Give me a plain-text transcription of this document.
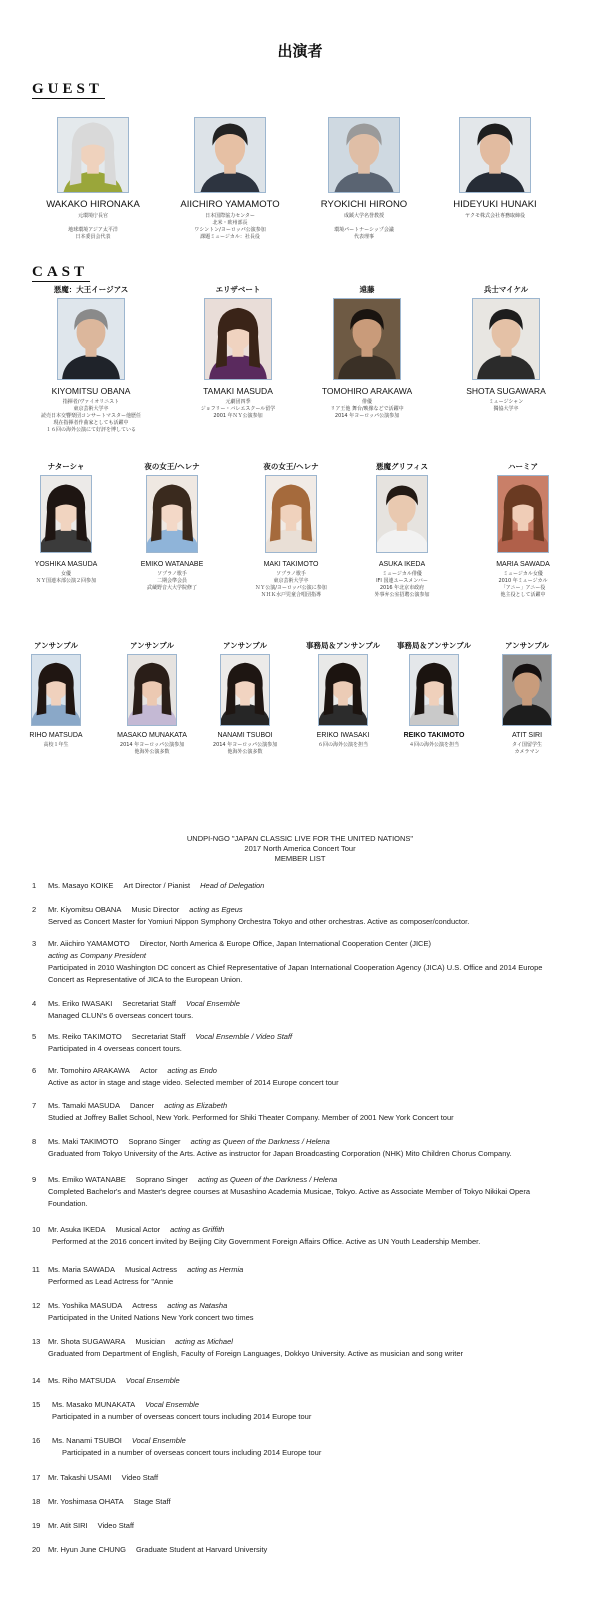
出演者
GUEST
CAST
WAKAKO HIRONAKA
元環境庁長官
地球環境アジア太平洋
日本委員会代表
AIICHIRO YAMAMOTO
日本国際協力センター
北米・欧州部長
ワシントン/ヨーロッパ公演参加
課題ミュージカル：社長役
RYOKICHI HIRONO
成蹊大学名誉教授
環境パートナーシップ会議
代表理事
HIDEYUKI HUNAKI
ヤクモ株式会社専務取締役
悪魔：大王イージアス
KIYOMITSU OBANA
指揮者/ヴァイオリニスト
東京芸術大学卒
読売日本交響楽団コンサートマスター他歴任
現在指揮者作曲家としても活躍中
１６回の海外公演にて好評を博している
エリザベート
TAMAKI MASUDA
元劇団四季
ジョフリー・バレエスクール留学
2001 年ＮＹ公演参加
遠藤
TOMOHIRO ARAKAWA
俳優
リア王他 舞台/映像などで活躍中
2014 年ヨーロッパ公演参加
兵士マイケル
SHOTA SUGAWARA
ミュージシャン
獨協大学卒
ナターシャ
YOSHIKA MASUDA
女優
ＮＹ国連本部公演２回参加
夜の女王/ヘレナ
EMIKO WATANABE
ソプラノ歌手
二期会準会員
武蔵野音大大学院修了
夜の女王/ヘレナ
MAKI TAKIMOTO
ソプラノ歌手
東京芸術大学卒
ＮＹ公演/ヨーロッパ公演に参加
ＮＨＫ水戸児童合唱団指導
悪魔グリフィス
ASUKA IKEDA
ミュージカル俳優
IFI 国連ユースメンバー
2016 年北京市政府
外事弁公室招聘公演参加
ハーミア
MARIA SAWADA
ミュージカル女優
2010 年ミュージカル
「アニー」アニー役
他主役として活躍中
アンサンブル
RIHO MATSUDA
高校１年生
アンサンブル
MASAKO MUNAKATA
2014 年ヨーロッパ公演参加
他海外公演多数
アンサンブル
NANAMI TSUBOI
2014 年ヨーロッパ公演参加
他海外公演多数
事務局＆アンサンブル
ERIKO IWASAKI
６回の海外公演を担当
事務局＆アンサンブル
REIKO TAKIMOTO
４回の海外公演を担当
アンサンブル
ATIT SIRI
タイ国留学生
カメラマン
UNDPI-NGO "JAPAN CLASSIC LIVE FOR THE UNITED NATIONS"
2017 North America Concert Tour
MEMBER LIST
1	Ms. Masayo KOIKE Art Director / Pianist Head of Delegation
2	Mr. Kiyomitsu OBANA Music Director acting as Egeus
Served as Concert Master for Yomiuri Nippon Symphony Orchestra Tokyo and other orchestras. Active as composer/conductor.
3	Mr. Aiichiro YAMAMOTO Director, North America & Europe Office, Japan International Cooperation Center (JICE)
acting as Company President
Participated in 2010 Washington DC concert as Chief Representative of Japan International Cooperation Agency (JICA) U.S. Office and 2014 Europe Concert as Representative of JICA to the European Union.
4	Ms. Eriko IWASAKI Secretariat Staff Vocal Ensemble
Managed CLUN's 6 overseas concert tours.
5	Ms. Reiko TAKIMOTO Secretariat Staff Vocal Ensemble / Video Staff
Participated in 4 overseas concert tours.
6	Mr. Tomohiro ARAKAWA Actor acting as Endo
Active as actor in stage and stage video. Selected member of 2014 Europe concert tour
7	Ms. Tamaki MASUDA Dancer acting as Elizabeth
Studied at Joffrey Ballet School, New York. Performed for Shiki Theater Company. Member of 2001 New York Concert tour
8	Ms. Maki TAKIMOTO Soprano Singer acting as Queen of the Darkness / Helena
Graduated from Tokyo University of the Arts. Active as instructor for Japan Broadcasting Corporation (NHK) Mito Children Chorus Company.
9	Ms. Emiko WATANABE Soprano Singer acting as Queen of the Darkness / Helena
Completed Bachelor's and Master's degree courses at Musashino Academia Musicae, Tokyo. Active as Associate Member of Tokyo Nikikai Opera Foundation.
10	Mr. Asuka IKEDA Musical Actor acting as Griffith
Performed at the 2016 concert invited by Beijing City Government Foreign Affairs Office. Active as UN Youth Leadership Member.
11	Ms. Maria SAWADA Musical Actress acting as Hermia
Performed as Lead Actress for "Annie
12	Ms. Yoshika MASUDA Actress acting as Natasha
Participated in the United Nations New York concert two times
13	Mr. Shota SUGAWARA Musician acting as Michael
Graduated from Department of English, Faculty of Foreign Languages, Dokkyo University. Active as musician and song writer
14	Ms. Riho MATSUDA Vocal Ensemble
15	Ms. Masako MUNAKATA Vocal Ensemble
Participated in a number of overseas concert tours including 2014 Europe tour
16	Ms. Nanami TSUBOI Vocal Ensemble
Participated in a number of overseas concert tours including 2014 Europe tour
17	Mr. Takashi USAMI Video Staff
18	Mr. Yoshimasa OHATA Stage Staff
19	Mr. Atit SIRI Video Staff
20	Mr. Hyun June CHUNG Graduate Student at Harvard University
